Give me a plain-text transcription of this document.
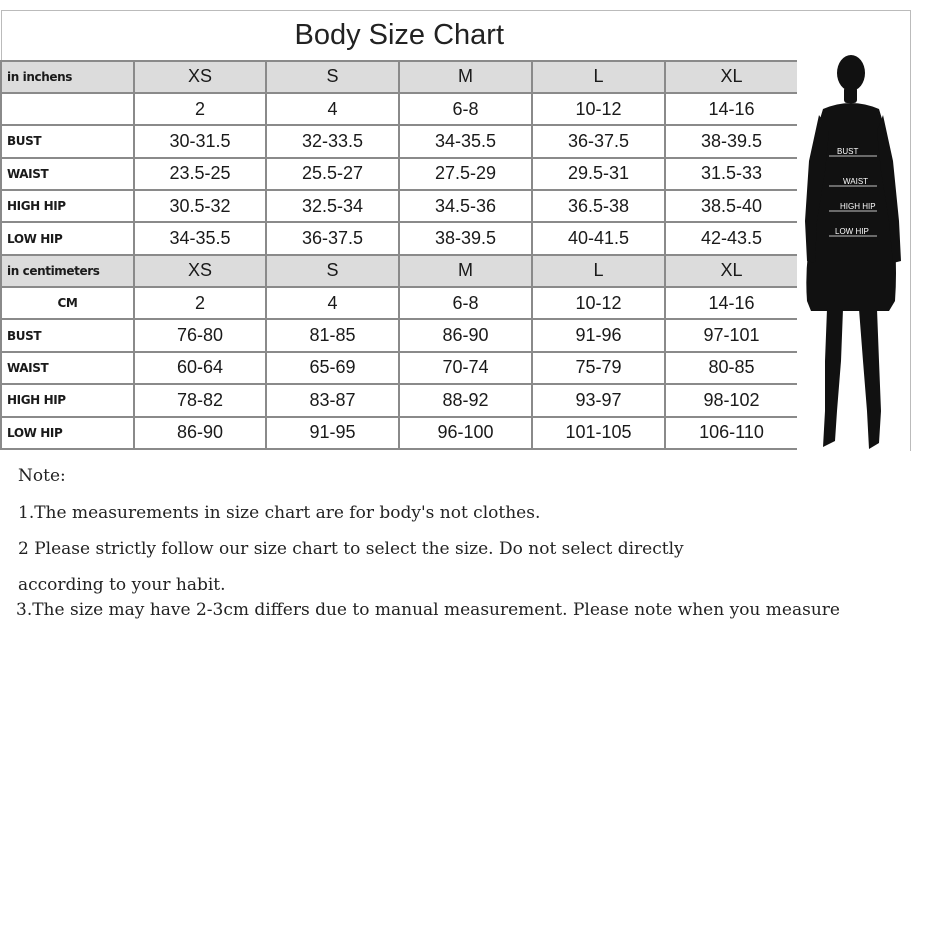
Body Size Chart					
in inchens	XS	S	M	L	XL
	2	4	6-8	10-12	14-16
BUST	30-31.5	32-33.5	34-35.5	36-37.5	38-39.5
WAIST	23.5-25	25.5-27	27.5-29	29.5-31	31.5-33
HIGH HIP	30.5-32	32.5-34	34.5-36	36.5-38	38.5-40
LOW HIP	34-35.5	36-37.5	38-39.5	40-41.5	42-43.5
in centimeters	XS	S	M	L	XL
CM	2	4	6-8	10-12	14-16
BUST	76-80	81-85	86-90	91-96	97-101
WAIST	60-64	65-69	70-74	75-79	80-85
HIGH HIP	78-82	83-87	88-92	93-97	98-102
LOW HIP	86-90	91-95	96-100	101-105	106-110
BUST
WAIST
HIGH HIP
LOW HIP
Note:
1.The measurements in size chart are for body's not clothes.
2 Please strictly follow our size chart to select the size. Do not select directly
according to your habit.
3.The size may have 2-3cm differs due to manual measurement. Please note when you measure
